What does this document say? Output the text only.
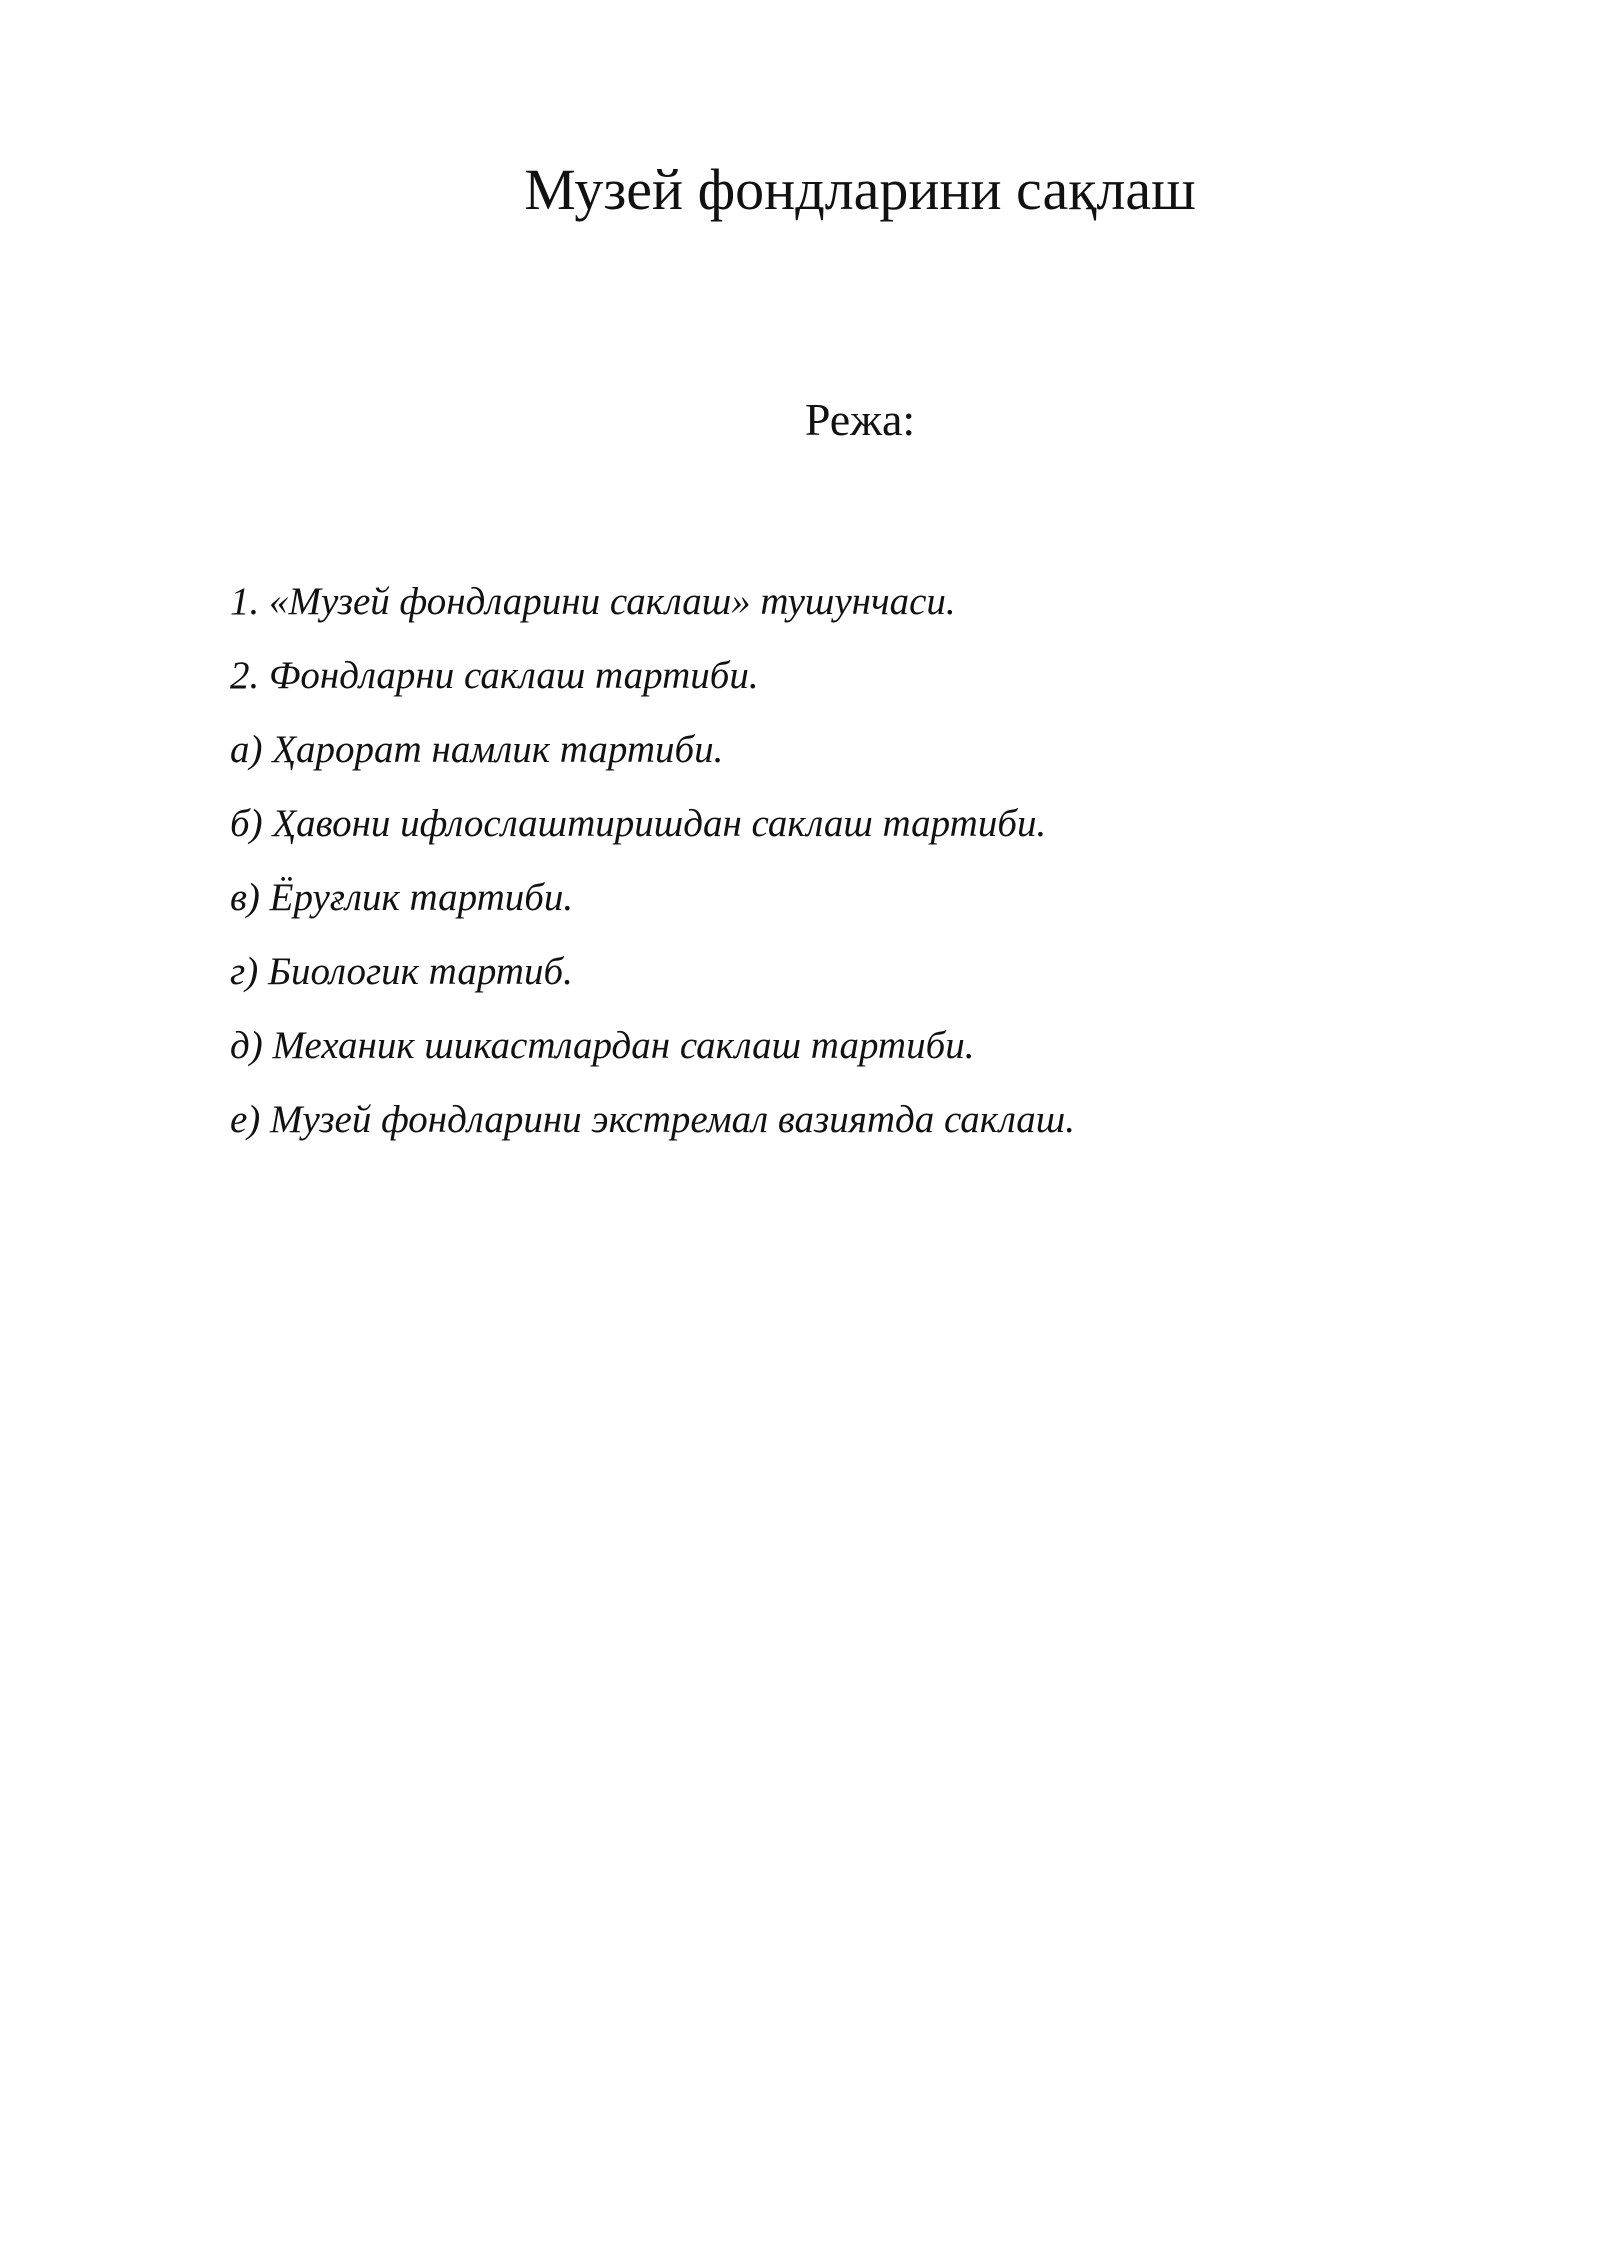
Музей фондларини сақлаш
Режа:
1. «Музей фондларини саклаш» тушунчаси.
2. Фондларни саклаш тартиби.
а) Ҳарорат намлик тартиби.
б) Ҳавони ифлослаштиришдан саклаш тартиби.
в) Ёруғлик тартиби.
г) Биологик тартиб.
д) Механик шикастлардан саклаш тартиби.
е) Музей фондларини экстремал вазиятда саклаш.
